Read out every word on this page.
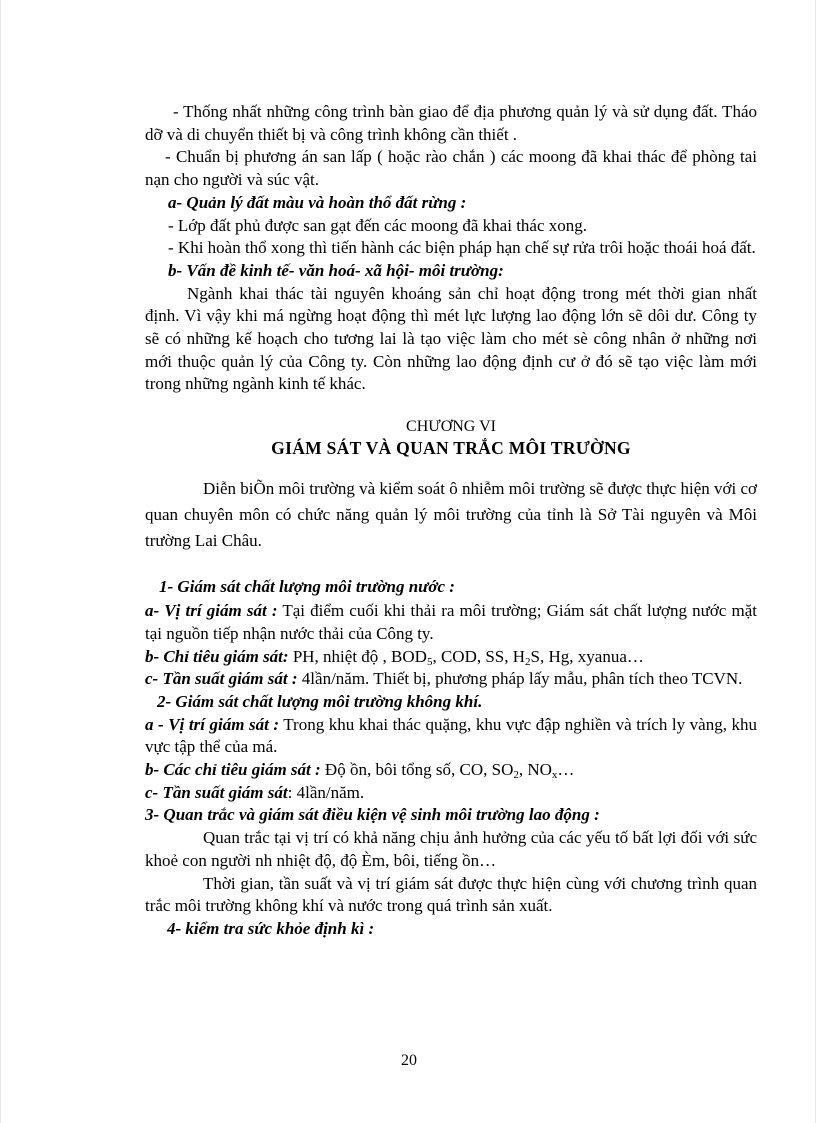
- Thống nhất những công trình bàn giao để địa phương quản lý và sử dụng đất. Tháo dỡ và di chuyển thiết bị và công trình không cần thiết .

- Chuẩn bị phương án san lấp ( hoặc rào chắn ) các moong đã khai thác để phòng tai nạn cho người và súc vật.

a- Quản lý đất màu và hoàn thổ đất rừng :

- Lớp đất phủ được san gạt đến các moong đã khai thác xong.

- Khi hoàn thổ xong thì tiến hành các biện pháp hạn chế sự rửa trôi hoặc thoái hoá đất.

b- Vấn đề kinh tế- văn hoá- xã hội- môi trường:

Ngành khai thác tài nguyên khoáng sản chỉ hoạt động trong mét thời gian nhất định. Vì vậy khi má ngừng hoạt động thì mét lực lượng lao động lớn sẽ dôi dư. Công ty sẽ có những kế hoạch cho tương lai là tạo việc làm cho mét sè công nhân ở những nơi mới thuộc quản lý của Công ty. Còn những lao động định cư ở đó sẽ tạo việc làm mới trong những ngành kinh tế khác.

CHƯƠNG VI

GIÁM SÁT VÀ QUAN TRẮC MÔI TRƯỜNG

Diễn biÕn môi trường và kiểm soát ô nhiễm môi trường sẽ được thực hiện với cơ quan chuyên môn có chức năng quản lý môi trường của tỉnh là Sở Tài nguyên và Môi trường Lai Châu.

1- Giám sát chất lượng môi trường nước :

a- Vị trí giám sát : Tại điểm cuối khi thải ra môi trường; Giám sát chất lượng nước mặt tại nguồn tiếp nhận nước thải của Công ty.

b- Chỉ tiêu giám sát: PH, nhiệt độ , $BOD_5$, COD, SS, $H_2S$, Hg, xyanua…

c- Tần suất giám sát : 4lần/năm. Thiết bị, phương pháp lấy mẫu, phân tích theo TCVN.

2- Giám sát chất lượng môi trường không khí.

a - Vị trí giám sát : Trong khu khai thác quặng, khu vực đập nghiền và trích ly vàng, khu vực tập thể của má.

b- Các chỉ tiêu giám sát : Độ ồn, bôi tổng số, CO, $SO_2$, $NO_x\dots$

c- Tần suất giám sát: 4lần/năm.

3- Quan trắc và giám sát điều kiện vệ sinh môi trường lao động :

Quan trắc tại vị trí có khả năng chịu ảnh hưởng của các yếu tố bất lợi đối với sức khoẻ con người nh nhiệt độ, độ Èm, bôi, tiếng ồn…

Thời gian, tần suất và vị trí giám sát được thực hiện cùng với chương trình quan trắc môi trường không khí và nước trong quá trình sản xuất.

4- kiểm tra sức khỏe định kì :

20
